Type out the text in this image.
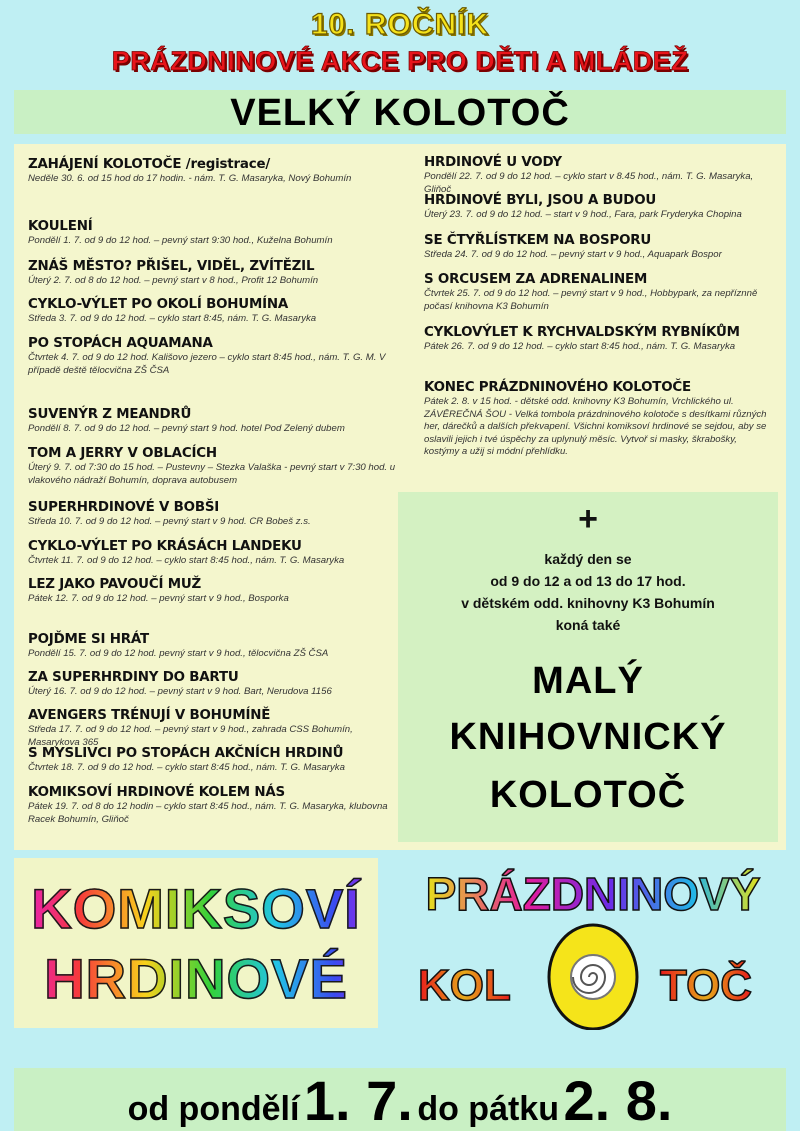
10. ROČNÍK
PRÁZDNINOVÉ AKCE PRO DĚTI A MLÁDEŽ
VELKÝ KOLOTOČ
ZAHÁJENÍ KOLOTOČE /registrace/
Neděle 30. 6. od 15 hod do 17 hodin. - nám. T. G. Masaryka, Nový Bohumín
KOULENÍ
Pondělí 1. 7. od 9 do 12 hod. – pevný start 9:30 hod., Kuželna Bohumín
ZNÁŠ MĚSTO? PŘIŠEL, VIDĚL, ZVÍTĚZIL
Úterý 2. 7. od 8 do 12 hod. – pevný start v 8 hod., Profit 12 Bohumín
CYKLO-VÝLET PO OKOLÍ BOHUMÍNA
Středa 3. 7. od 9 do 12 hod. – cyklo start 8:45, nám. T. G. Masaryka
PO STOPÁCH AQUAMANA
Čtvrtek 4. 7. od 9 do 12 hod. Kališovo jezero – cyklo start 8:45 hod., nám. T. G. M. V případě deště tělocvična ZŠ ČSA
SUVENÝR Z MEANDRŮ
Pondělí 8. 7. od 9 do 12 hod. – pevný start 9 hod. hotel Pod Zelený dubem
TOM A JERRY V OBLACÍCH
Úterý 9. 7. od 7:30 do 15 hod. – Pustevny – Stezka Valaška - pevný start v 7:30 hod. u vlakového nádraží Bohumín, doprava autobusem
SUPERHRDINOVÉ V BOBŠI
Středa 10. 7. od 9 do 12 hod. – pevný start v 9 hod. CR Bobeš z.s.
CYKLO-VÝLET PO KRÁSÁCH LANDEKU
Čtvrtek 11. 7. od 9 do 12 hod. – cyklo start 8:45 hod., nám. T. G. Masaryka
LEZ JAKO PAVOUČÍ MUŽ
Pátek 12. 7. od 9 do 12 hod. – pevný start v 9 hod., Bosporka
POJĎME SI HRÁT
Pondělí 15. 7. od 9 do 12 hod. pevný start v 9 hod., tělocvična ZŠ ČSA
ZA SUPERHRDINY DO BARTU
Úterý 16. 7. od 9 do 12 hod. – pevný start v 9 hod. Bart, Nerudova 1156
AVENGERS TRÉNUJÍ V BOHUMÍNĚ
Středa 17. 7. od 9 do 12 hod. – pevný start v 9 hod., zahrada CSS Bohumín, Masarykova 365
S MYSLIVCI PO STOPÁCH AKČNÍCH HRDINŮ
Čtvrtek 18. 7. od 9 do 12 hod. – cyklo start 8:45 hod., nám. T. G. Masaryka
KOMIKSOVÍ HRDINOVÉ KOLEM NÁS
Pátek 19. 7. od 8 do 12 hodin – cyklo start 8:45 hod., nám. T. G. Masaryka, klubovna Racek Bohumín, Gliňoč
HRDINOVÉ U VODY
Pondělí 22. 7. od 9 do 12 hod. – cyklo start v 8.45 hod., nám. T. G. Masaryka, Gliňoč
HRDINOVÉ BYLI, JSOU A BUDOU
Úterý 23. 7. od 9 do 12 hod. – start v 9 hod., Fara, park Fryderyka Chopina
SE ČTYŘLÍSTKEM NA BOSPORU
Středa 24. 7. od 9 do 12 hod. – pevný start v 9 hod., Aquapark Bospor
S ORCUSEM ZA ADRENALINEM
Čtvrtek 25. 7. od 9 do 12 hod. – pevný start v 9 hod., Hobbypark, za nepříznně počasí knihovna K3 Bohumín
CYKLOVÝLET K RYCHVALDSKÝM RYBNÍKŮM
Pátek 26. 7. od 9 do 12 hod. – cyklo start 8:45 hod., nám. T. G. Masaryka
KONEC PRÁZDNINOVÉHO KOLOTOČE
Pátek 2. 8. v 15 hod. - dětské odd. knihovny K3 Bohumín, Vrchlického ul. ZÁVĚREČNÁ ŠOU - Velká tombola prázdninového kolotoče s desítkami různých her, dárečků a dalších překvapení. Všichni komiksoví hrdinové se sejdou, aby se oslavili jejich i tvé úspěchy za uplynulý měsíc. Vytvoř si masky, škrabošky, kostýmy a užij si módní přehlídku.
+
každý den se
od 9 do 12 a od 13 do 17 hod.
v dětském odd. knihovny K3 Bohumín
koná také
MALÝ
KNIHOVNICKÝ
KOLOTOČ
KOMIKSOVÍ
HRDINOVÉ
PRÁZDNINOVÝ
KOL	TOČ
od pondělí 1. 7. do pátku 2. 8.
